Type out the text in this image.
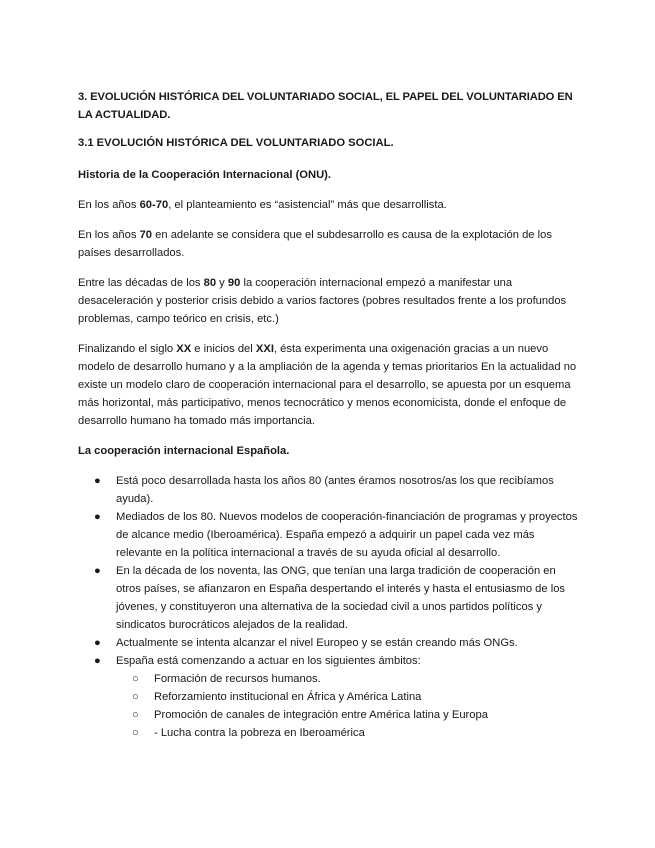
3. EVOLUCIÓN HISTÓRICA DEL VOLUNTARIADO SOCIAL, EL PAPEL DEL VOLUNTARIADO EN LA ACTUALIDAD.
3.1 EVOLUCIÓN HISTÓRICA DEL VOLUNTARIADO SOCIAL.
Historia de la Cooperación Internacional (ONU).

En los años 60-70, el planteamiento es “asistencial” más que desarrollista.

En los años 70 en adelante se considera que el subdesarrollo es causa de la explotación de los países desarrollados.

Entre las décadas de los 80 y 90 la cooperación internacional empezó a manifestar una desaceleración y posterior crisis debido a varios factores (pobres resultados frente a los profundos problemas, campo teórico en crisis, etc.)

Finalizando el siglo XX e inicios del XXI, ésta experimenta una oxigenación gracias a un nuevo modelo de desarrollo humano y a la ampliación de la agenda y temas prioritarios En la actualidad no existe un modelo claro de cooperación internacional para el desarrollo, se apuesta por un esquema más horizontal, más participativo, menos tecnocrático y menos economicista, donde el enfoque de desarrollo humano ha tomado más importancia.

La cooperación internacional Española.
● Está poco desarrollada hasta los años 80 (antes éramos nosotros/as los que recibíamos ayuda).
● Mediados de los 80. Nuevos modelos de cooperación-financiación de programas y proyectos de alcance medio (Iberoamérica). España empezó a adquirir un papel cada vez más relevante en la política internacional a través de su ayuda oficial al desarrollo.
● En la década de los noventa, las ONG, que tenían una larga tradición de cooperación en otros países, se afianzaron en España despertando el interés y hasta el entusiasmo de los jóvenes, y constituyeron una alternativa de la sociedad civil a unos partidos políticos y sindicatos burocráticos alejados de la realidad.
● Actualmente se intenta alcanzar el nivel Europeo y se están creando más ONGs.
● España está comenzando a actuar en los siguientes ámbitos:
○ Formación de recursos humanos.
○ Reforzamiento institucional en África y América Latina
○ Promoción de canales de integración entre América latina y Europa
○ - Lucha contra la pobreza en Iberoamérica
